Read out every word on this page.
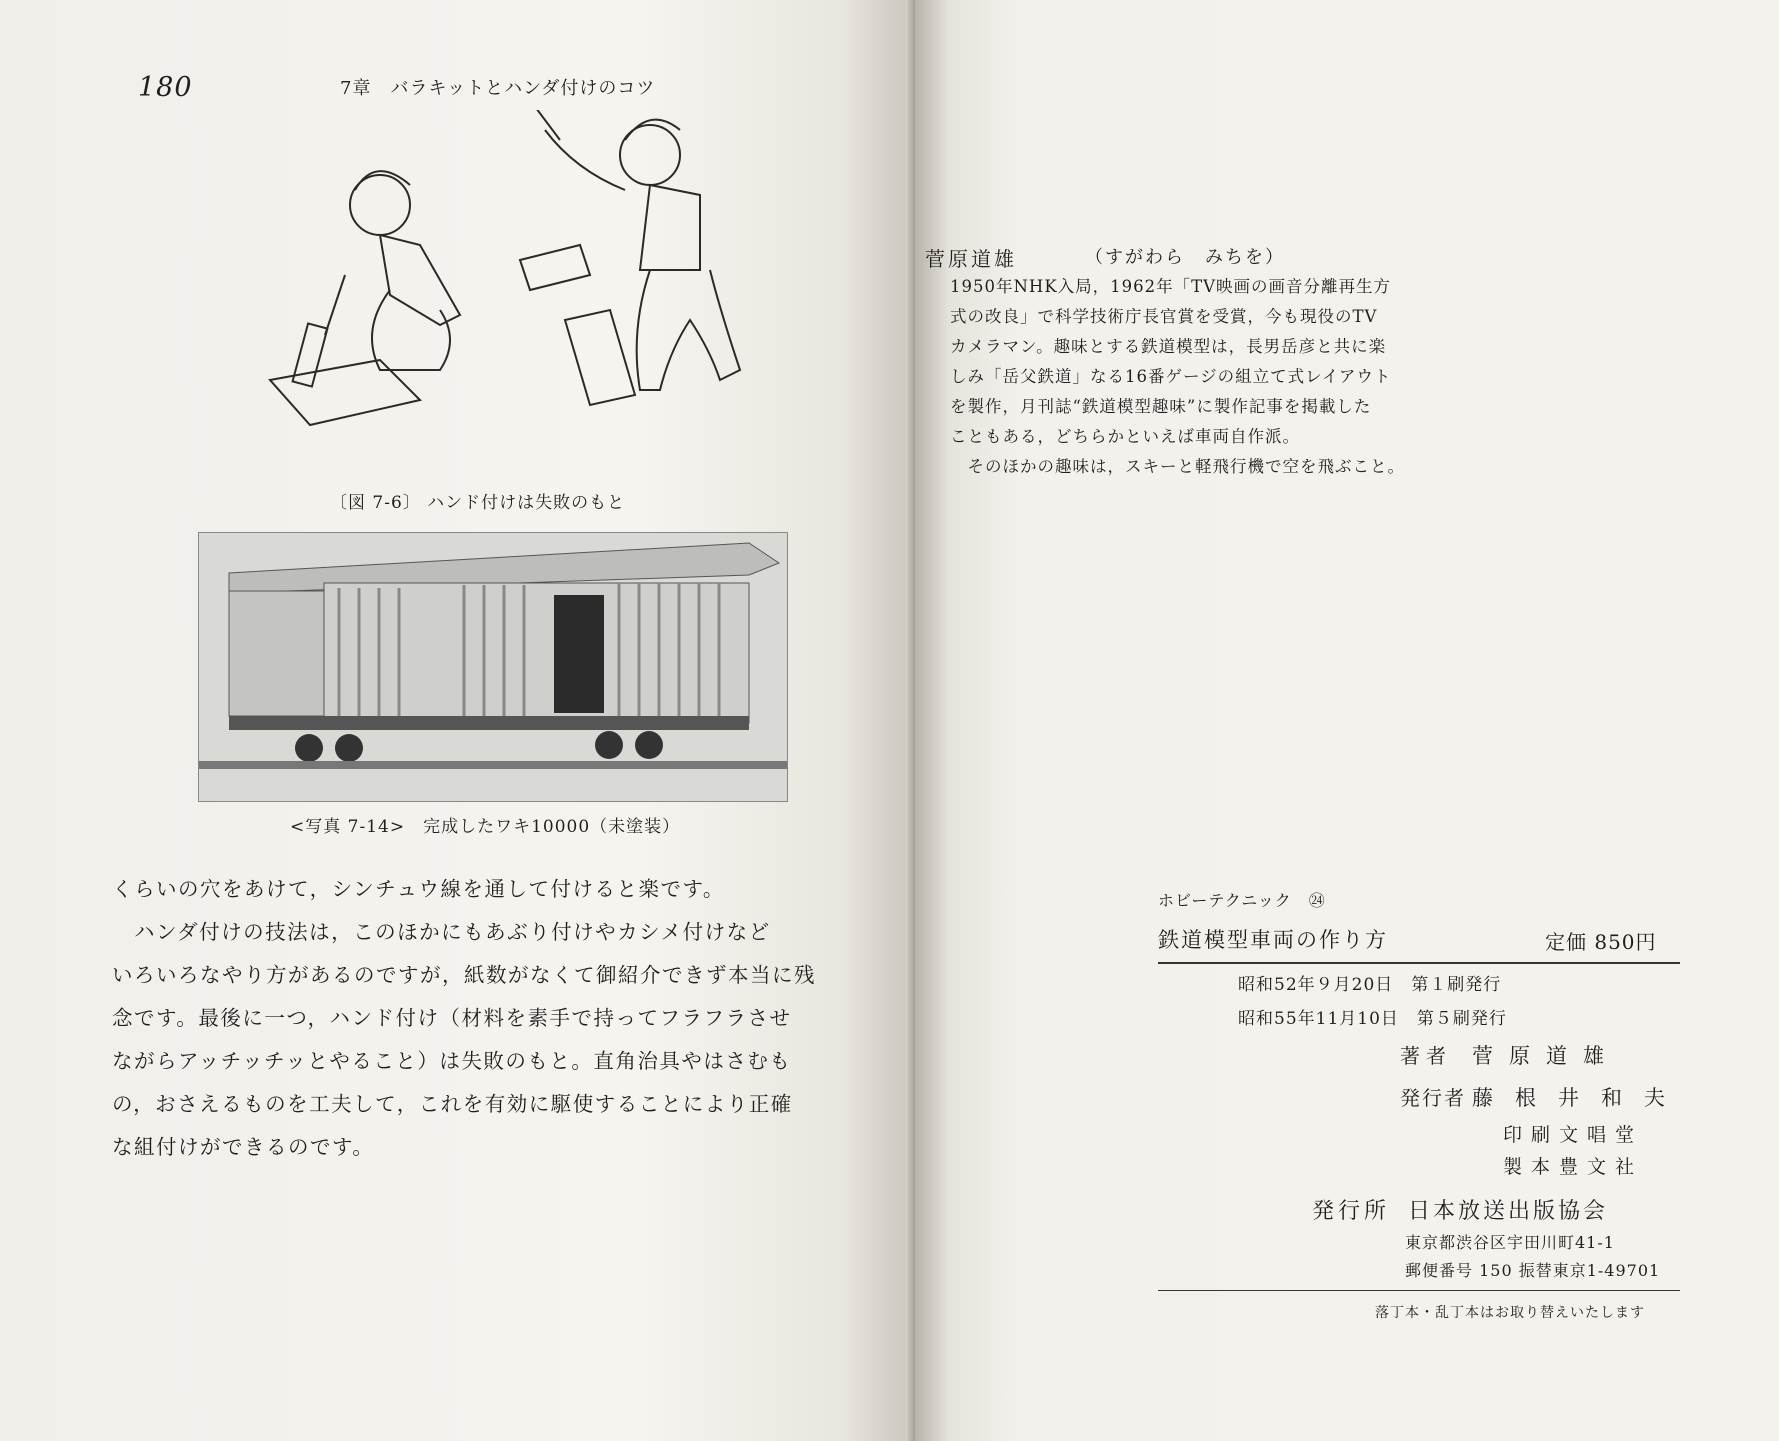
180	7章　バラキットとハンダ付けのコツ

〔図 7-6〕 ハンド付けは失敗のもと

<写真 7-14>　完成したワキ10000（未塗装）

くらいの穴をあけて，シンチュウ線を通して付けると楽です。

　ハンダ付けの技法は，このほかにもあぶり付けやカシメ付けなど

いろいろなやり方があるのですが，紙数がなくて御紹介できず本当に残

念です。最後に一つ，ハンド付け（材料を素手で持ってフラフラさせ

ながらアッチッチッとやること）は失敗のもと。直角治具やはさむも

の，おさえるものを工夫して，これを有効に駆使することにより正確

な組付けができるのです。

菅原道雄	（すがわら　みちを）

1950年NHK入局，1962年「TV映画の画音分離再生方

式の改良」で科学技術庁長官賞を受賞，今も現役のTV

カメラマン。趣味とする鉄道模型は，長男岳彦と共に楽

しみ「岳父鉄道」なる16番ゲージの組立て式レイアウト

を製作，月刊誌“鉄道模型趣味”に製作記事を掲載した

こともある，どちらかといえば車両自作派。

　そのほかの趣味は，スキーと軽飛行機で空を飛ぶこと。

ホビーテクニック　㉔

鉄道模型車両の作り方	定価 850円

昭和52年９月20日　第１刷発行

昭和55年11月10日　第５刷発行

著者 菅原道雄

発行者 藤根井和夫

印刷文唱堂

製本豊文社

発行所 日本放送出版協会

東京都渋谷区宇田川町41-1

郵便番号 150 振替東京1-49701

落丁本・乱丁本はお取り替えいたします
